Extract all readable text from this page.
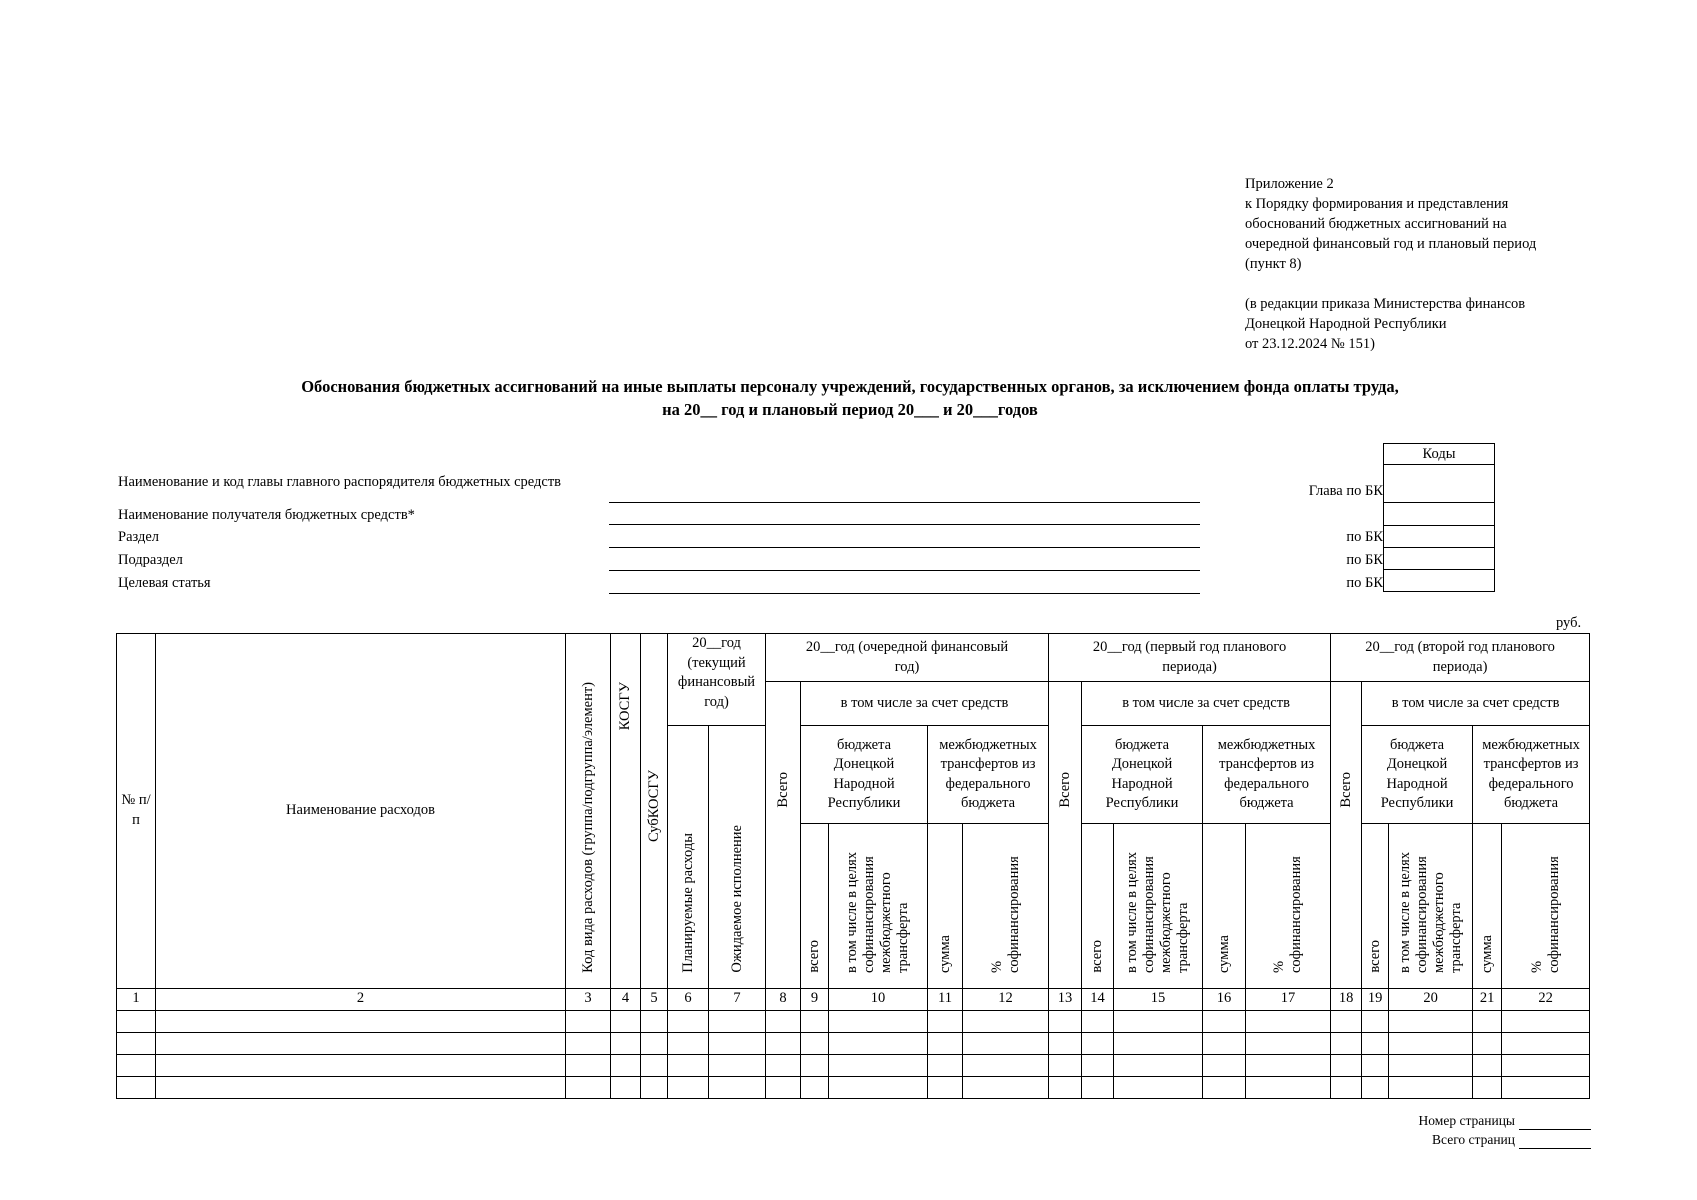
Приложение 2
к Порядку формирования и представления
обоснований бюджетных ассигнований на
очередной финансовый год и плановый период
(пункт 8)
(в редакции приказа Министерства финансов
Донецкой Народной Республики
от 23.12.2024 № 151)
Обоснования бюджетных ассигнований на иные выплаты персоналу учреждений, государственных органов, за исключением фонда оплаты труда,
на 20__ год и плановый период 20___ и 20___годов
Наименование и код главы главного распорядителя бюджетных средств
Наименование получателя бюджетных средств*
Раздел
Подраздел
Целевая статья
Глава по БК
по БК
по БК
по БК
Коды

руб.
№ п/п	Наименование расходов	Код вида расходов (группа/подгруппа/элемент)	КОСГУ	СубКОСГУ	20__год (текущий финансовый год)		20__год (очередной финансовый год)					20__год (первый год планового периода)					20__год (второй год планового периода)				
							Всего	в том числе за счет средств				Всего	в том числе за счет средств				Всего	в том числе за счет средств			
					Планируемые расходы	Ожидаемое исполнение		бюджета Донецкой Народной Республики		межбюджетных трансфертов из федерального бюджета			бюджета Донецкой Народной Республики		межбюджетных трансфертов из федерального бюджета			бюджета Донецкой Народной Республики		межбюджетных трансфертов из федерального бюджета	
								всего	в том числе в целях софинансирования межбюджетного трансферта	сумма	% софинансирования		всего	в том числе в целях софинансирования межбюджетного трансферта	сумма	% софинансирования		всего	в том числе в целях софинансирования межбюджетного трансферта	сумма	% софинансирования
1	2	3	4	5	6	7	8	9	10	11	12	13	14	15	16	17	18	19	20	21	22

Номер страницы
Всего страниц
